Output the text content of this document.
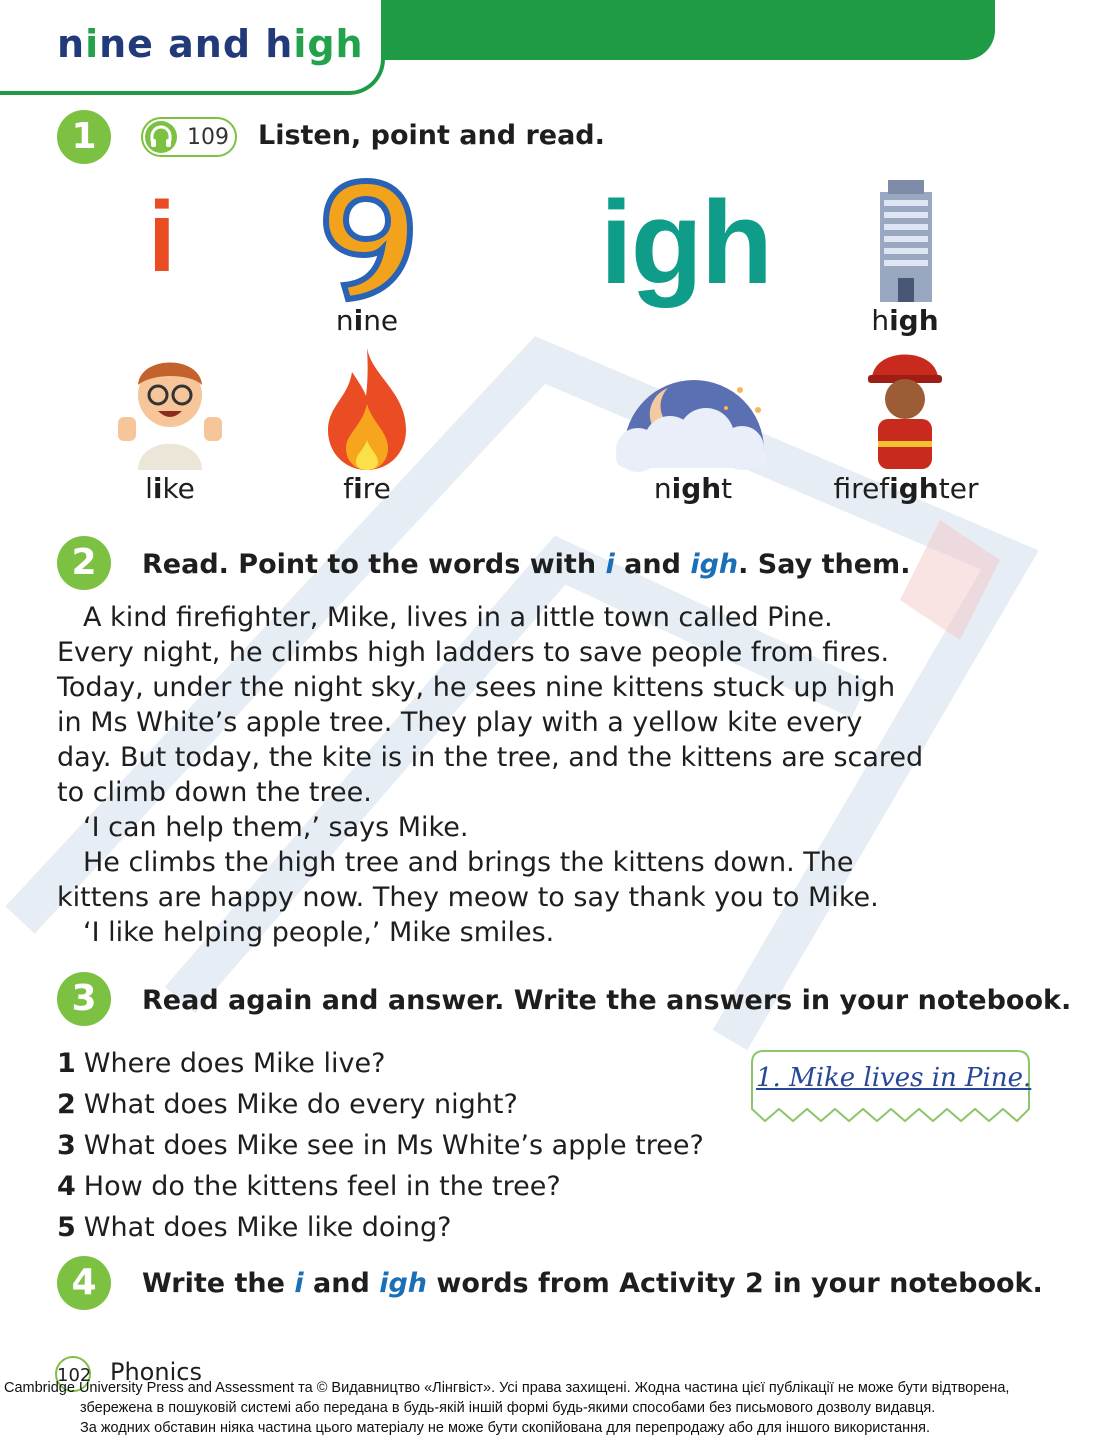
nine and high
1	109 Listen, point and read.
i	igh
nine	high
like	fire	night	firefighter
2	Read. Point to the words with i and igh. Say them.

A kind firefighter, Mike, lives in a little town called Pine.

Every night, he climbs high ladders to save people from fires.

Today, under the night sky, he sees nine kittens stuck up high

in Ms White’s apple tree. They play with a yellow kite every

day. But today, the kite is in the tree, and the kittens are scared

to climb down the tree.

‘I can help them,’ says Mike.

He climbs the high tree and brings the kittens down. The

kittens are happy now. They meow to say thank you to Mike.

‘I like helping people,’ Mike smiles.

3	Read again and answer. Write the answers in your notebook.
1 Where does Mike live?
2 What does Mike do every night?
3 What does Mike see in Ms White’s apple tree?
4 How do the kittens feel in the tree?
5 What does Mike like doing?
1. Mike lives in Pine.
4	Write the i and igh words from Activity 2 in your notebook.
102 Phonics
Cambridge University Press and Assessment та © Видавництво «Лінгвіст». Усі права захищені. Жодна частина цієї публікації не може бути відтворена,
збережена в пошуковій системі або передана в будь-якій іншій формі будь-якими способами без письмового дозволу видавця.
За жодних обставин ніяка частина цього матеріалу не може бути скопійована для перепродажу або для іншого використання.
